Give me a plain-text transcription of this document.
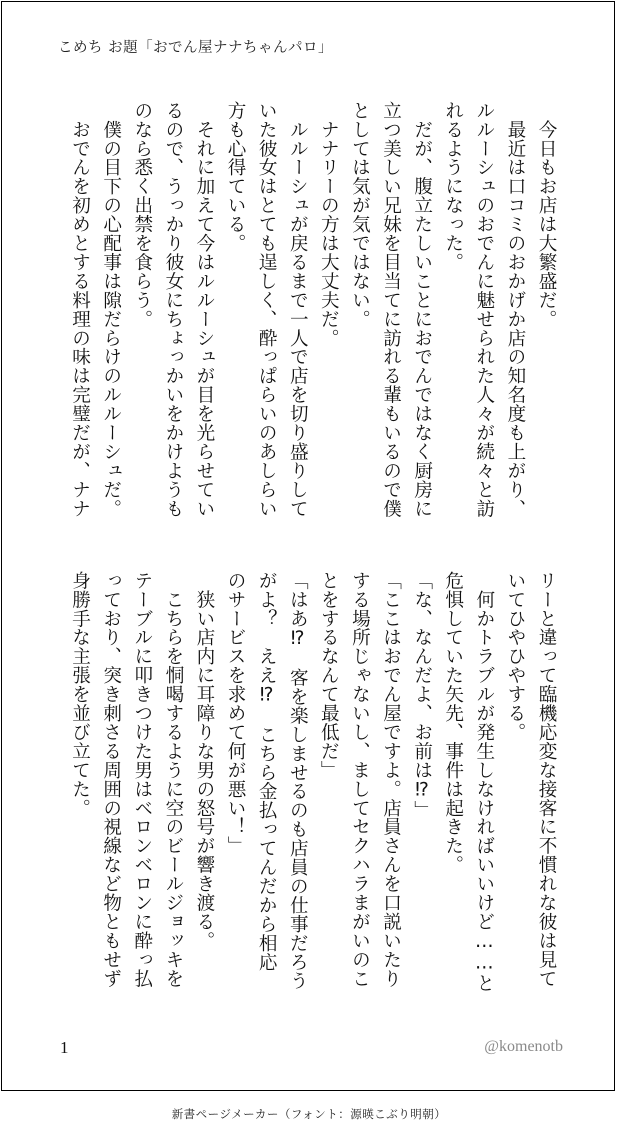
こめち お題「おでん屋ナナちゃんパロ」
　今日もお店は大繁盛だ。
　最近は口コミのおかげか店の知名度も上がり、
ルルーシュのおでんに魅せられた人々が続々と訪
れるようになった。
　だが、腹立たしいことにおでんではなく厨房に
立つ美しい兄妹を目当てに訪れる輩もいるので僕
としては気が気ではない。
　ナナリーの方は大丈夫だ。
　ルルーシュが戻るまで一人で店を切り盛りして
いた彼女はとても逞しく、酔っぱらいのあしらい
方も心得ている。
　それに加えて今はルルーシュが目を光らせてい
るので、うっかり彼女にちょっかいをかけようも
のなら悉く出禁を食らう。
　僕の目下の心配事は隙だらけのルルーシュだ。
　おでんを初めとする料理の味は完璧だが、ナナ
リーと違って臨機応変な接客に不慣れな彼は見て
いてひやひやする。
　何かトラブルが発生しなければいいけど……と
危惧していた矢先、事件は起きた。
「な、なんだよ、お前は⁉」
「ここはおでん屋ですよ。店員さんを口説いたり
する場所じゃないし、ましてセクハラまがいのこ
とをするなんて最低だ」
「はあ⁉　客を楽しませるのも店員の仕事だろう
がよ？　ええ⁉　こちら金払ってんだから相応
のサービスを求めて何が悪い！」
　狭い店内に耳障りな男の怒号が響き渡る。
　こちらを恫喝するように空のビールジョッキを
テーブルに叩きつけた男はベロンベロンに酔っ払
っており、突き刺さる周囲の視線など物ともせず
身勝手な主張を並び立てた。
1	@komenotb
新書ページメーカー（フォント：源暎こぶり明朝）
